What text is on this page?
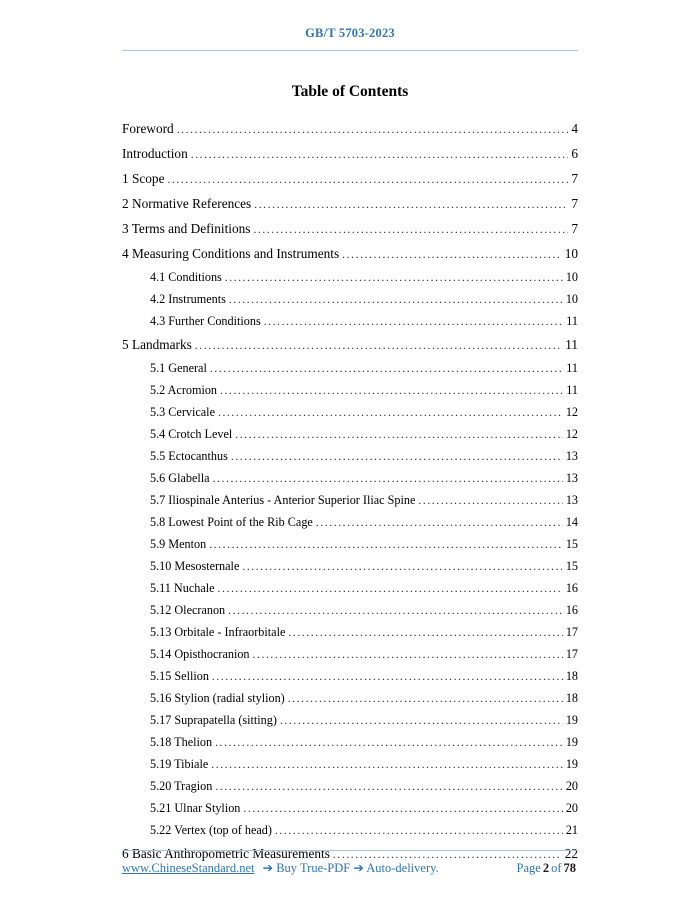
GB/T 5703-2023
Table of Contents
Foreword .....	4
Introduction .....	6
1 Scope .....	7
2 Normative References .....	7
3 Terms and Definitions .....	7
4 Measuring Conditions and Instruments .....	10
4.1 Conditions .....	10
4.2 Instruments .....	10
4.3 Further Conditions .....	11
5 Landmarks .....	11
5.1 General .....	11
5.2 Acromion .....	11
5.3 Cervicale .....	12
5.4 Crotch Level .....	12
5.5 Ectocanthus .....	13
5.6 Glabella .....	13
5.7 Iliospinale Anterius - Anterior Superior Iliac Spine .....	13
5.8 Lowest Point of the Rib Cage .....	14
5.9 Menton .....	15
5.10 Mesosternale .....	15
5.11 Nuchale .....	16
5.12 Olecranon .....	16
5.13 Orbitale - Infraorbitale .....	17
5.14 Opisthocranion .....	17
5.15 Sellion .....	18
5.16 Stylion (radial stylion) .....	18
5.17 Suprapatella (sitting) .....	19
5.18 Thelion .....	19
5.19 Tibiale .....	19
5.20 Tragion .....	20
5.21 Ulnar Stylion .....	20
5.22 Vertex (top of head) .....	21
6 Basic Anthropometric Measurements .....	22
www.ChineseStandard.net ➔ Buy True-PDF ➔ Auto-delivery.	Page 2 of 78
